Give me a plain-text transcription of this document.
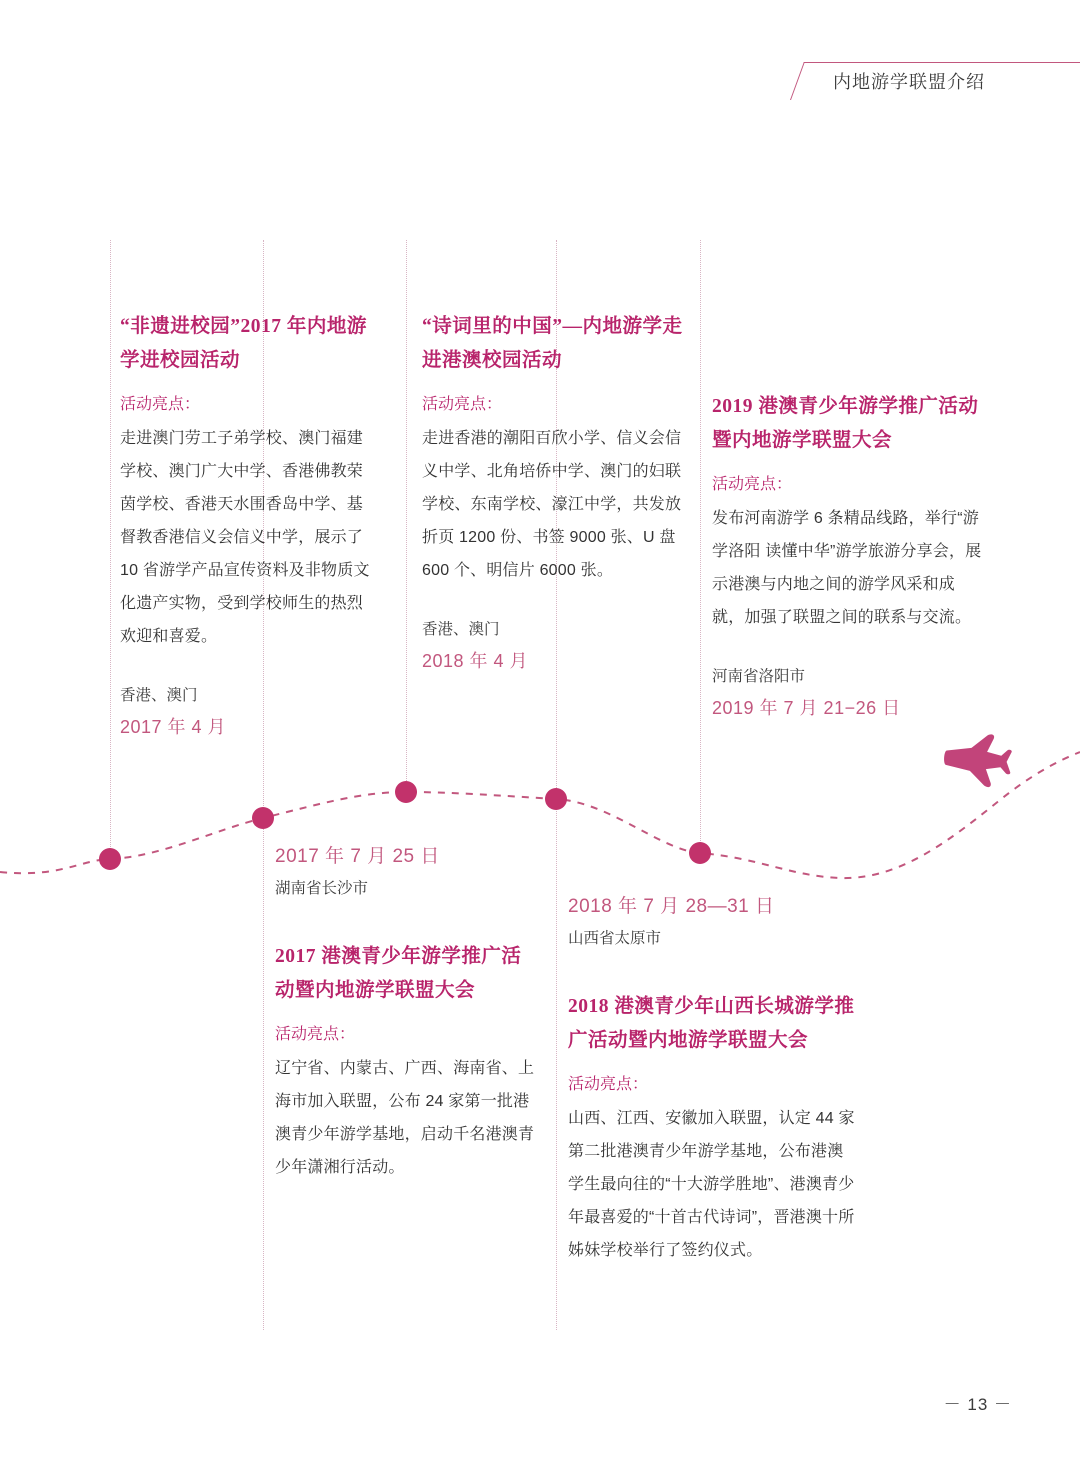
内地游学联盟介绍
“非遗进校园”2017 年内地游学进校园活动
活动亮点：
走进澳门劳工子弟学校、澳门福建学校、澳门广大中学、香港佛教荣茵学校、香港天水围香岛中学、基督教香港信义会信义中学，展示了 10 省游学产品宣传资料及非物质文化遗产实物，受到学校师生的热烈欢迎和喜爱。
香港、澳门
2017 年 4 月
2017 年 7 月 25 日
湖南省长沙市
2017 港澳青少年游学推广活动暨内地游学联盟大会
活动亮点：
辽宁省、内蒙古、广西、海南省、上海市加入联盟，公布 24 家第一批港澳青少年游学基地，启动千名港澳青少年潇湘行活动。
“诗词里的中国”—内地游学走进港澳校园活动
活动亮点：
走进香港的潮阳百欣小学、信义会信义中学、北角培侨中学、澳门的妇联学校、东南学校、濠江中学，共发放折页 1200 份、书签 9000 张、U 盘 600 个、明信片 6000 张。
香港、澳门
2018 年 4 月
2018 年 7 月 28—31 日
山西省太原市
2018 港澳青少年山西长城游学推广活动暨内地游学联盟大会
活动亮点：
山西、江西、安徽加入联盟，认定 44 家第二批港澳青少年游学基地，公布港澳学生最向往的“十大游学胜地”、港澳青少年最喜爱的“十首古代诗词”，晋港澳十所姊妹学校举行了签约仪式。
2019 港澳青少年游学推广活动暨内地游学联盟大会
活动亮点：
发布河南游学 6 条精品线路，举行“游学洛阳 读懂中华”游学旅游分享会，展示港澳与内地之间的游学风采和成就，加强了联盟之间的联系与交流。
河南省洛阳市
2019 年 7 月 21−26 日
－ 13 －
